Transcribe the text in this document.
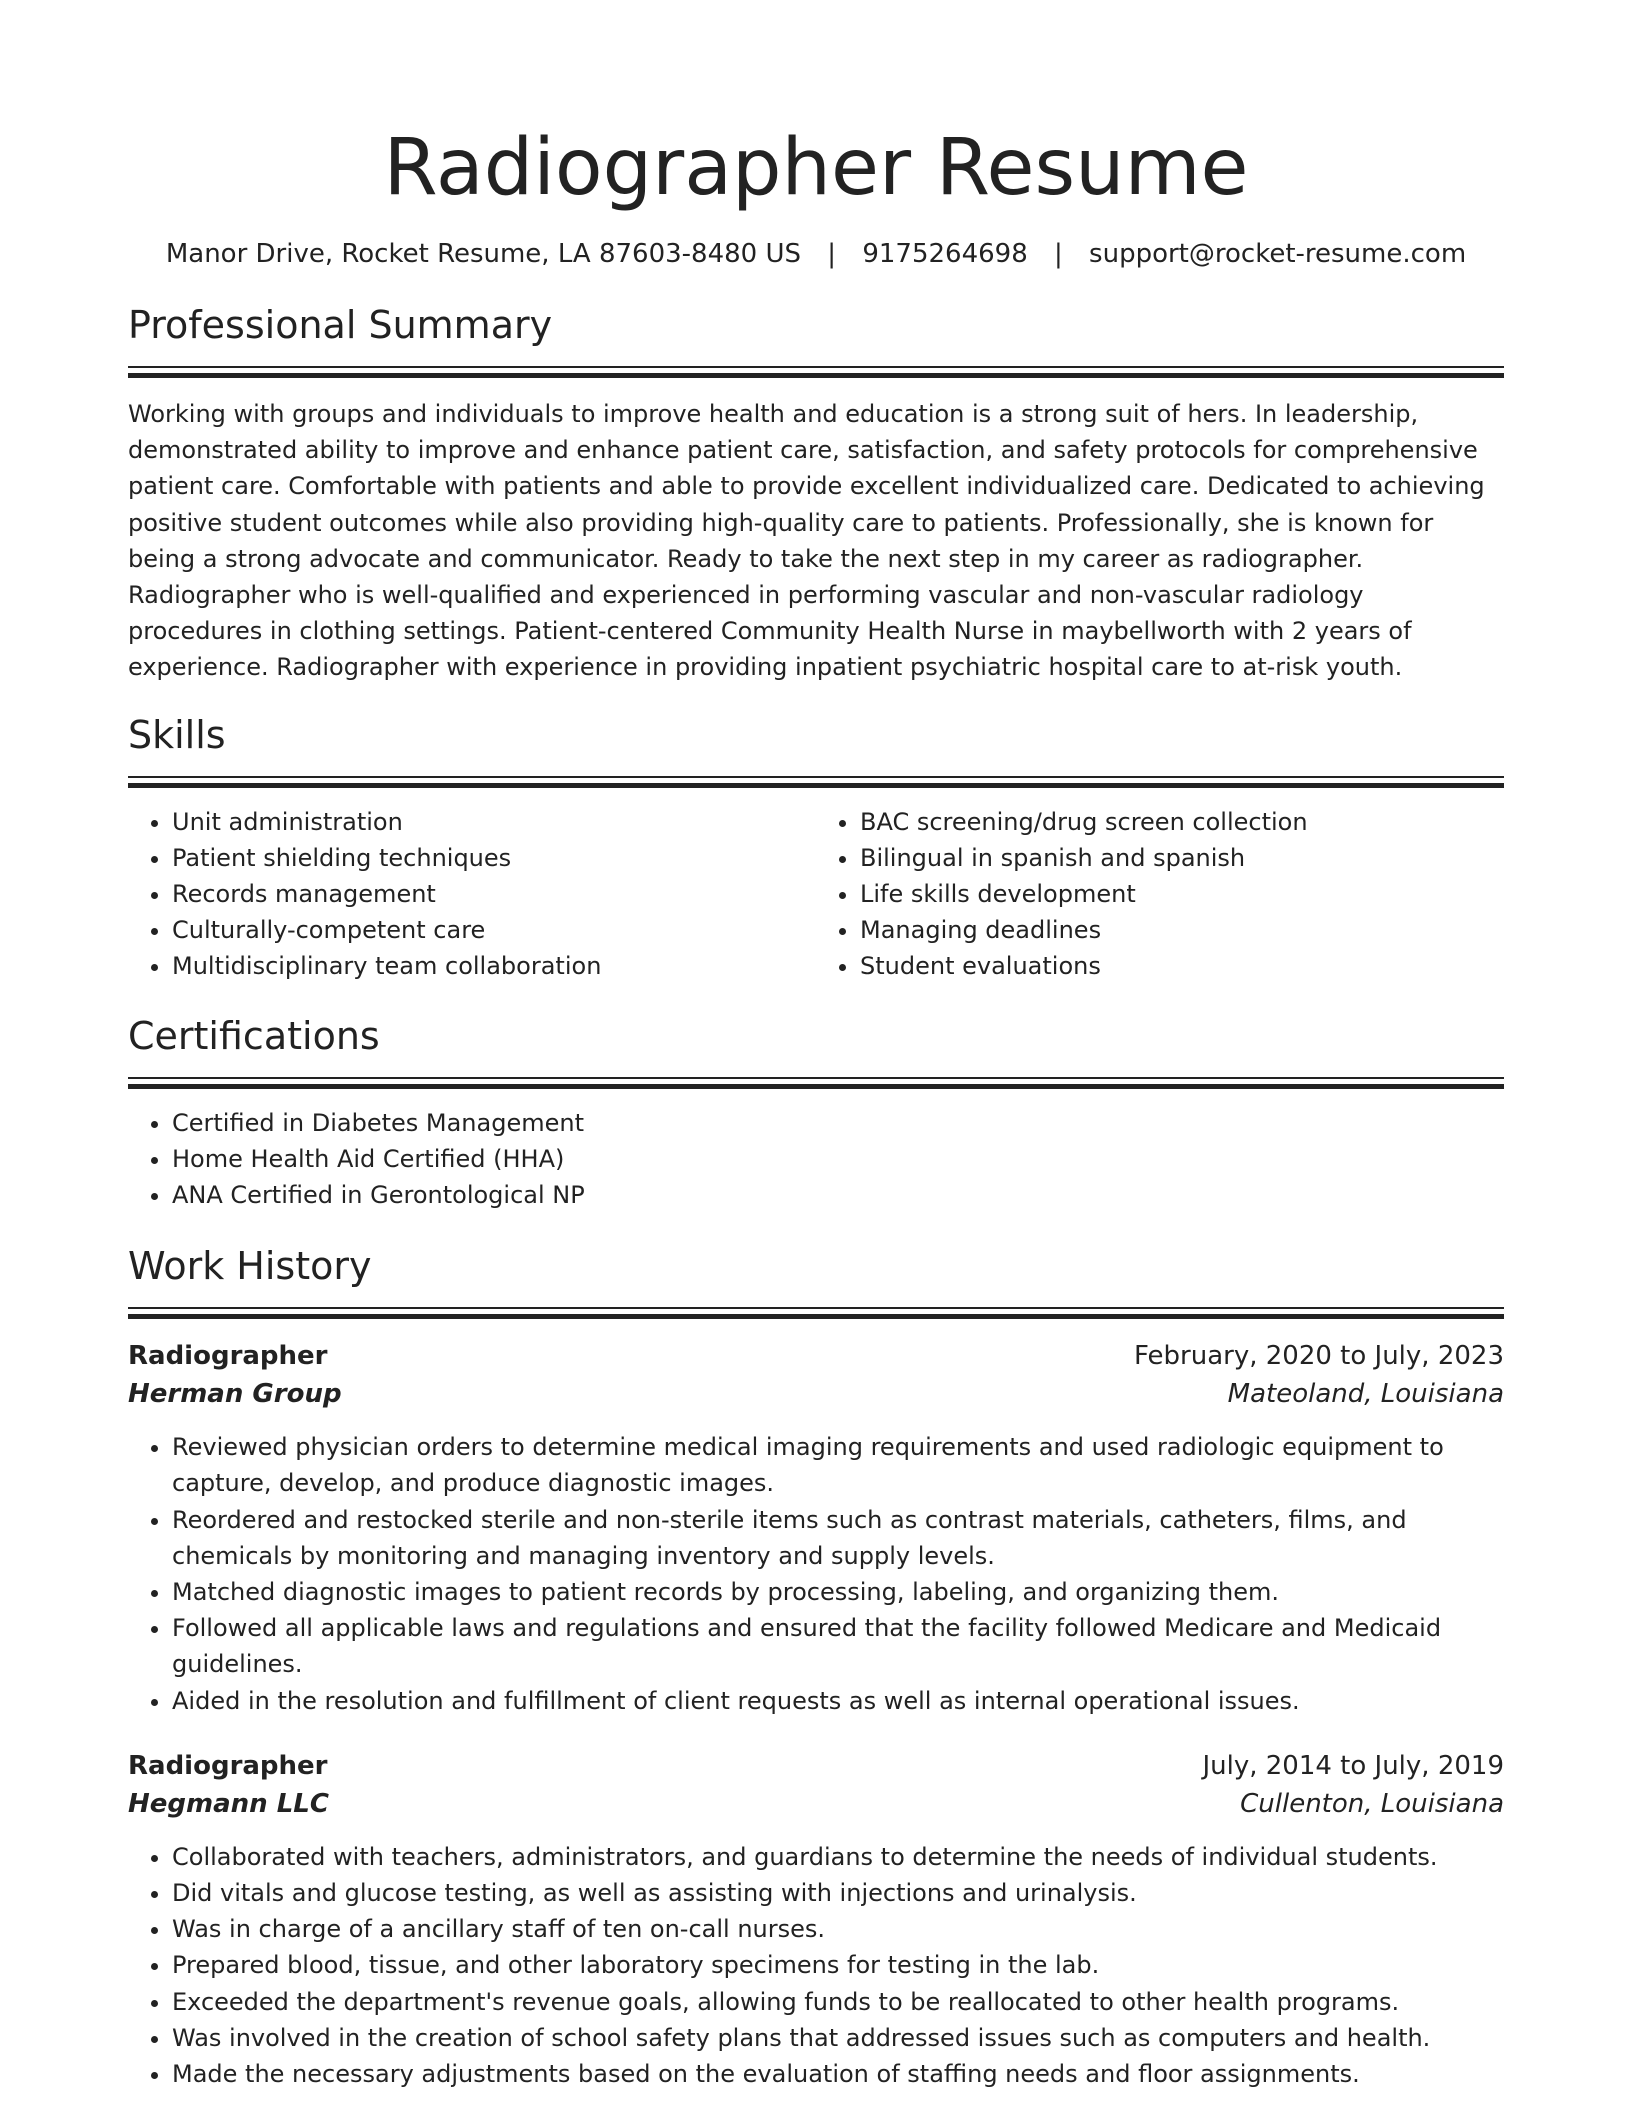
Radiographer Resume
Manor Drive, Rocket Resume, LA 87603-8480 US | 9175264698 | support@rocket-resume.com
Professional Summary

Working with groups and individuals to improve health and education is a strong suit of hers. In leadership, demonstrated ability to improve and enhance patient care, satisfaction, and safety protocols for comprehensive patient care. Comfortable with patients and able to provide excellent individualized care. Dedicated to achieving positive student outcomes while also providing high-quality care to patients. Professionally, she is known for being a strong advocate and communicator. Ready to take the next step in my career as radiographer. Radiographer who is well-qualified and experienced in performing vascular and non-vascular radiology procedures in clothing settings. Patient-centered Community Health Nurse in maybellworth with 2 years of experience. Radiographer with experience in providing inpatient psychiatric hospital care to at-risk youth.

Skills
• Unit administration
• Patient shielding techniques
• Records management
• Culturally-competent care
• Multidisciplinary team collaboration
• BAC screening/drug screen collection
• Bilingual in spanish and spanish
• Life skills development
• Managing deadlines
• Student evaluations
Certifications
• Certified in Diabetes Management
• Home Health Aid Certified (HHA)
• ANA Certified in Gerontological NP
Work History
Radiographer	February, 2020 to July, 2023
Herman Group	Mateoland, Louisiana
• Reviewed physician orders to determine medical imaging requirements and used radiologic equipment to capture, develop, and produce diagnostic images.
• Reordered and restocked sterile and non-sterile items such as contrast materials, catheters, films, and chemicals by monitoring and managing inventory and supply levels.
• Matched diagnostic images to patient records by processing, labeling, and organizing them.
• Followed all applicable laws and regulations and ensured that the facility followed Medicare and Medicaid guidelines.
• Aided in the resolution and fulfillment of client requests as well as internal operational issues.
Radiographer	July, 2014 to July, 2019
Hegmann LLC	Cullenton, Louisiana
• Collaborated with teachers, administrators, and guardians to determine the needs of individual students.
• Did vitals and glucose testing, as well as assisting with injections and urinalysis.
• Was in charge of a ancillary staff of ten on-call nurses.
• Prepared blood, tissue, and other laboratory specimens for testing in the lab.
• Exceeded the department's revenue goals, allowing funds to be reallocated to other health programs.
• Was involved in the creation of school safety plans that addressed issues such as computers and health.
• Made the necessary adjustments based on the evaluation of staffing needs and floor assignments.
